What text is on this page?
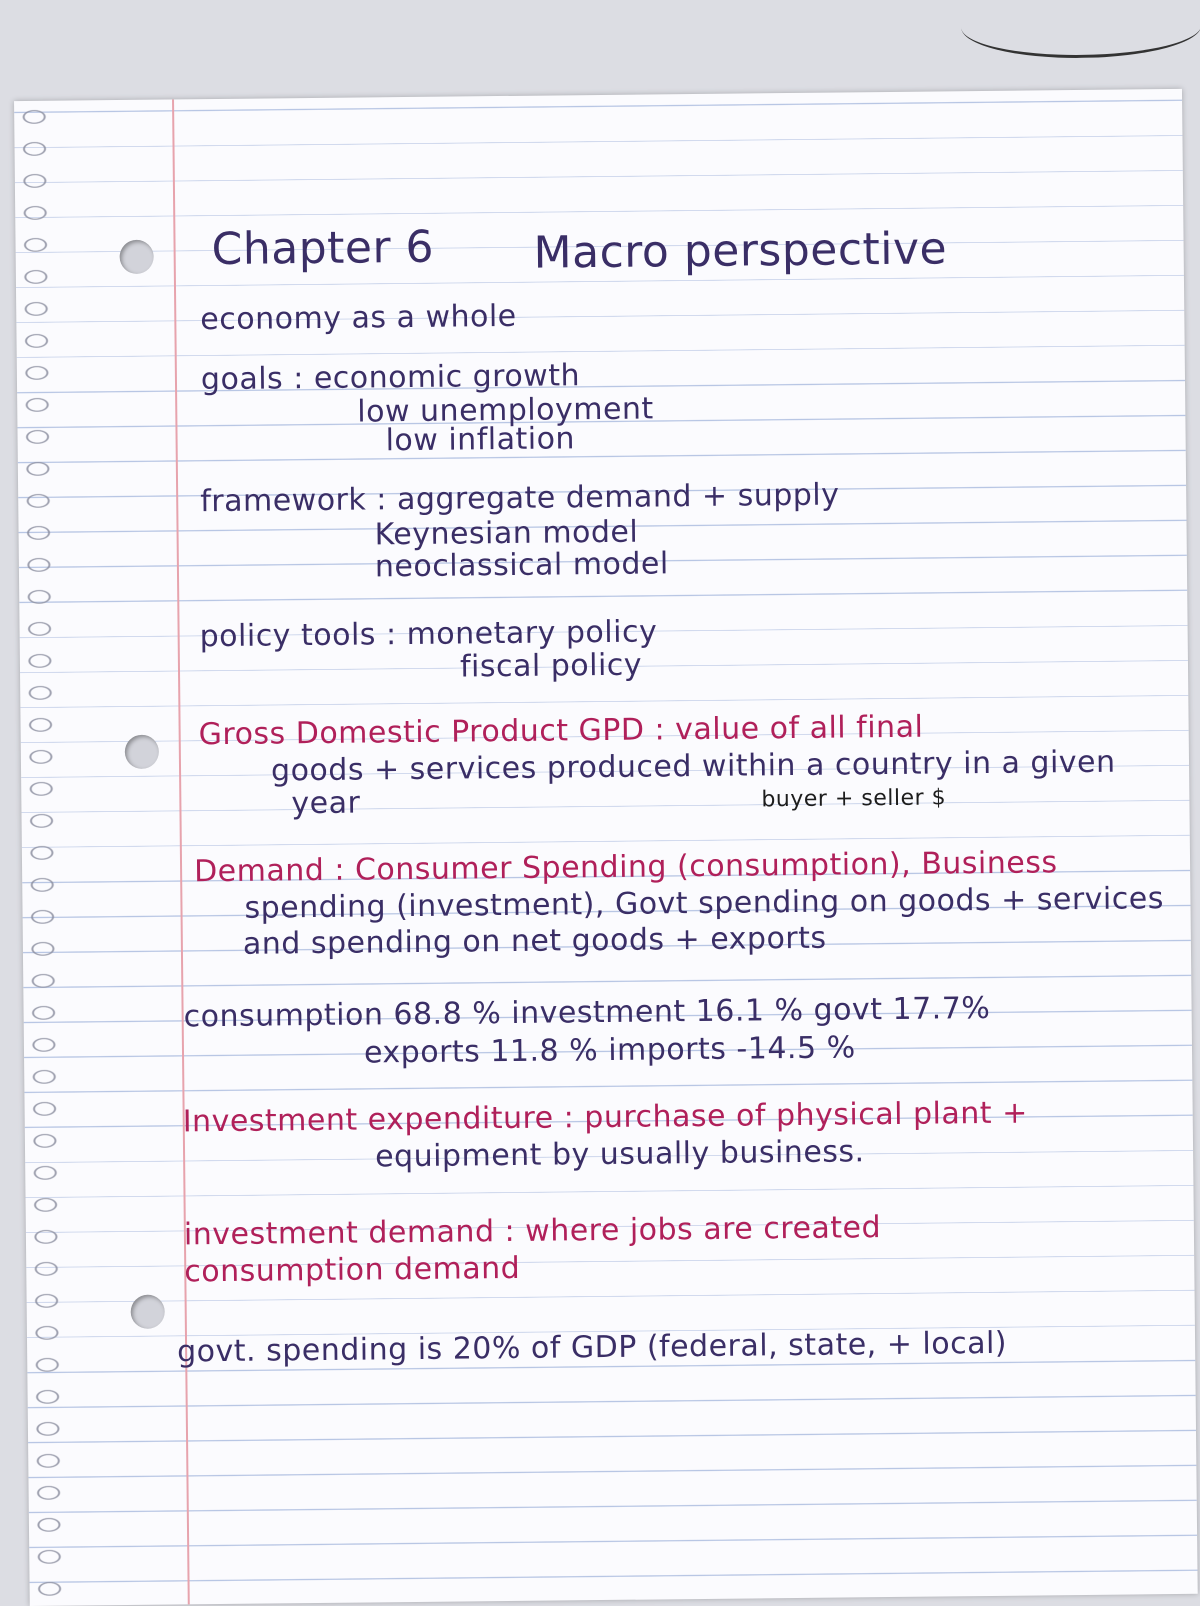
Chapter 6 Macro perspective
economy as a whole
goals : economic growth
low unemployment
low inflation
framework : aggregate demand + supply
Keynesian model
neoclassical model
policy tools : monetary policy
fiscal policy
Gross Domestic Product GPD : value of all final
goods + services produced within a country in a given
year	buyer + seller $
Demand : Consumer Spending (consumption), Business
spending (investment), Govt spending on goods + services
and spending on net goods + exports
consumption 68.8 % investment 16.1 % govt 17.7%
exports 11.8 % imports -14.5 %
Investment expenditure : purchase of physical plant +
equipment by usually business.
investment demand : where jobs are created
consumption demand
govt. spending is 20% of GDP (federal, state, + local)
